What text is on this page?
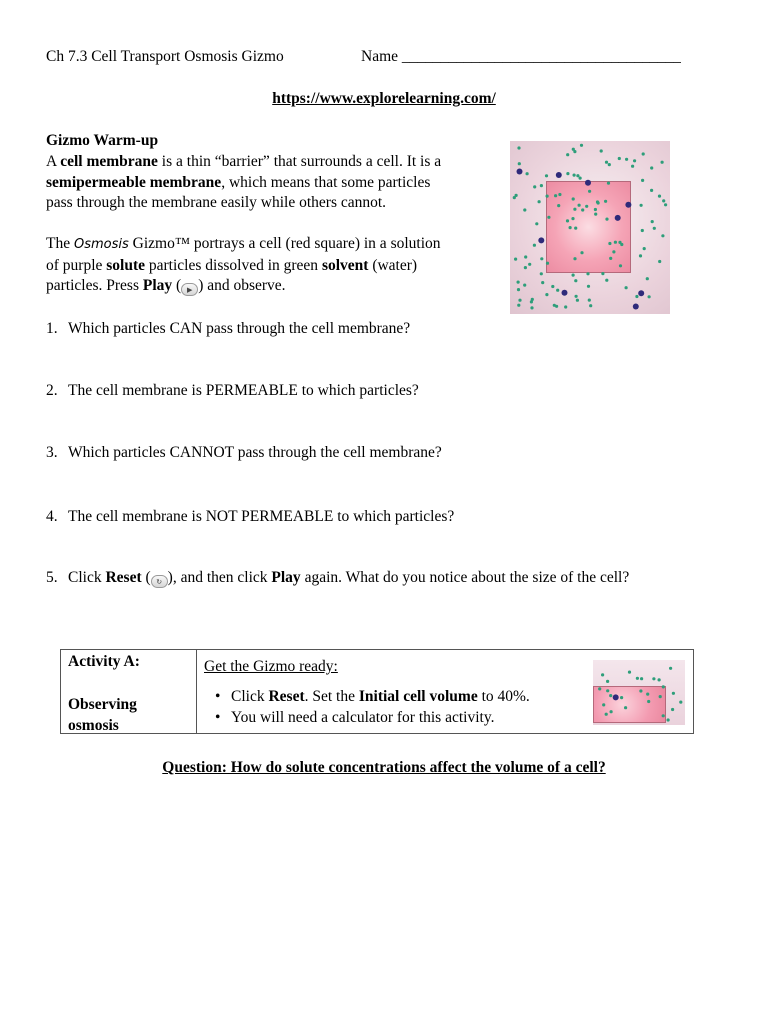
Ch 7.3 Cell Transport Osmosis Gizmo	Name ____________________________________
https://www.explorelearning.com/
Gizmo Warm-up
A cell membrane is a thin “barrier” that surrounds a cell. It is a
semipermeable membrane, which means that some particles
pass through the membrane easily while others cannot.
The Osmosis Gizmo™ portrays a cell (red square) in a solution
of purple solute particles dissolved in green solvent (water)
particles. Press Play ( ▶ ) and observe.
1. Which particles CAN pass through the cell membrane?
2. The cell membrane is PERMEABLE to which particles?
3. Which particles CANNOT pass through the cell membrane?
4. The cell membrane is NOT PERMEABLE to which particles?
5. Click Reset ( ↻ ), and then click Play again. What do you notice about the size of the cell?
Activity A:
Observing osmosis
Get the Gizmo ready:
• Click Reset. Set the Initial cell volume to 40%.
• You will need a calculator for this activity.
Question: How do solute concentrations affect the volume of a cell?
